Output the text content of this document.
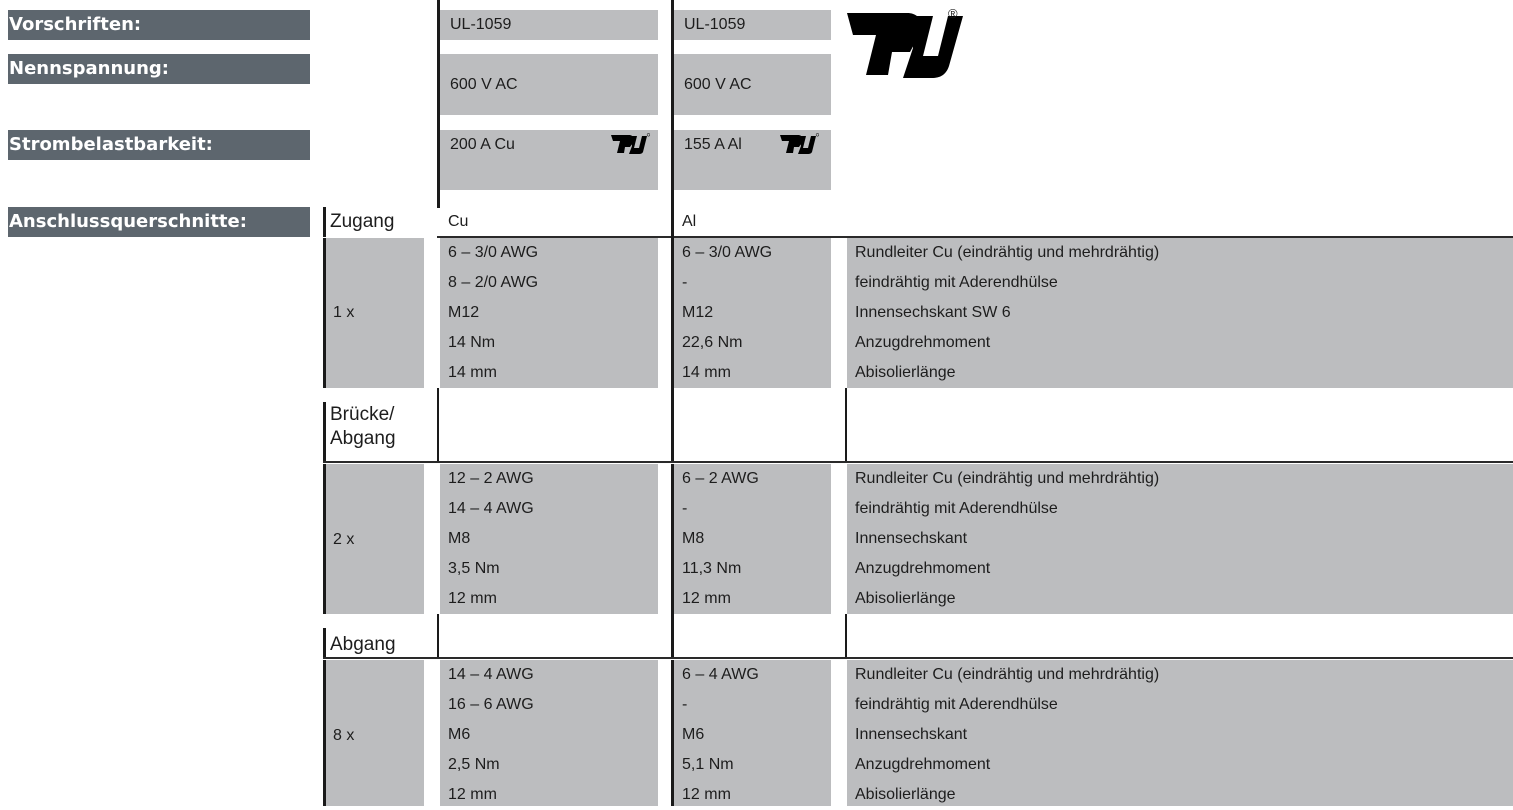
Vorschriften:
Nennspannung:
Strombelastbarkeit:
Anschlussquerschnitte:
UL-1059
600 V AC
200 A Cu
UL-1059
600 V AC
155 A Al
®
Zugang	Cu	Al
1 x
6 – 3/0 AWG
8 – 2/0 AWG
M12
14 Nm
14 mm
6 – 3/0 AWG
-
M12
22,6 Nm
14 mm
Rundleiter Cu (eindrähtig und mehrdrähtig)
feindrähtig mit Aderendhülse
Innensechskant SW 6
Anzugdrehmoment
Abisolierlänge
Brücke/
Abgang
2 x
12 – 2 AWG
14 – 4 AWG
M8
3,5 Nm
12 mm
6 – 2 AWG
-
M8
11,3 Nm
12 mm
Rundleiter Cu (eindrähtig und mehrdrähtig)
feindrähtig mit Aderendhülse
Innensechskant
Anzugdrehmoment
Abisolierlänge
Abgang
8 x
14 – 4 AWG
16 – 6 AWG
M6
2,5 Nm
12 mm
6 – 4 AWG
-
M6
5,1 Nm
12 mm
Rundleiter Cu (eindrähtig und mehrdrähtig)
feindrähtig mit Aderendhülse
Innensechskant
Anzugdrehmoment
Abisolierlänge
